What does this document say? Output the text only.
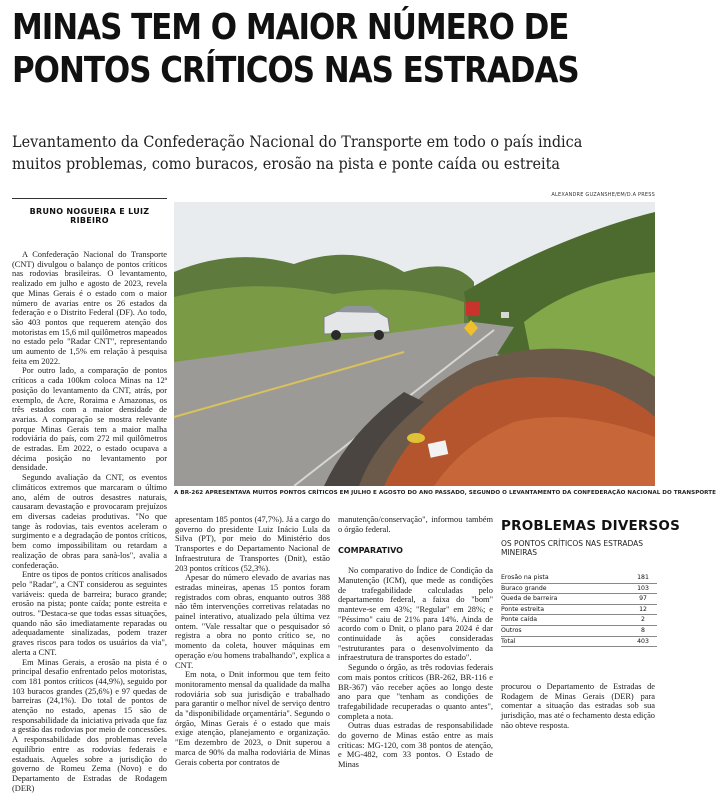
MINAS TEM O MAIOR NÚMERO DE
PONTOS CRÍTICOS NAS ESTRADAS
Levantamento da Confederação Nacional do Transporte em todo o país indica
muitos problemas, como buracos, erosão na pista e ponte caída ou estreita
ALEXANDRE GUZANSHE/EM/D.A PRESS
BRUNO NOGUEIRA E LUIZ RIBEIRO

A Confederação Nacional do Transporte (CNT) divulgou o balanço de pontos críticos nas rodovias brasileiras. O levantamento, realizado em julho e agosto de 2023, revela que Minas Gerais é o estado com o maior número de avarias entre os 26 estados da federação e o Distrito Federal (DF). Ao todo, são 403 pontos que requerem atenção dos motoristas em 15,6 mil quilômetros mapeados no estado pelo "Radar CNT", representando um aumento de 1,5% em relação à pesquisa feita em 2022.

Por outro lado, a comparação de pontos críticos a cada 100km coloca Minas na 12ª posição do levantamento da CNT, atrás, por exemplo, de Acre, Roraima e Amazonas, os três estados com a maior densidade de avarias. A comparação se mostra relevante porque Minas Gerais tem a maior malha rodoviária do país, com 272 mil quilômetros de estradas. Em 2022, o estado ocupava a décima posição no levantamento por densidade.

Segundo avaliação da CNT, os eventos climáticos extremos que marcaram o último ano, além de outros desastres naturais, causaram devastação e provocaram prejuízos em diversas cadeias produtivas. "No que tange às rodovias, tais eventos aceleram o surgimento e a degradação de pontos críticos, bem como impossibilitam ou retardam a realização de obras para sanà-los", avalia a confederação.

Entre os tipos de pontos críticos analisados pelo "Radar", a CNT considerou as seguintes variáveis: queda de barreira; buraco grande; erosão na pista; ponte caída; ponte estreita e outros. "Destaca-se que todas essas situações, quando não são imediatamente reparadas ou adequadamente sinalizadas, podem trazer graves riscos para todos os usuários da via", alerta a CNT.

Em Minas Gerais, a erosão na pista é o principal desafio enfrentado pelos motoristas, com 181 pontos críticos (44,9%), seguido por 103 buracos grandes (25,6%) e 97 quedas de barreiras (24,1%). Do total de pontos de atenção no estado, apenas 15 são de responsabilidade da iniciativa privada que faz a gestão das rodovias por meio de concessões. A responsabilidade dos problemas revela equilíbrio entre as rodovias federais e estaduais. Aqueles sobre a jurisdição do governo de Romeu Zema (Novo) e do Departamento de Estradas de Rodagem (DER)

A BR-262 APRESENTAVA MUITOS PONTOS CRÍTICOS EM JULHO E AGOSTO DO ANO PASSADO, SEGUNDO O LEVANTAMENTO DA CONFEDERAÇÃO NACIONAL DO TRANSPORTE

apresentam 185 pontos (47,7%). Já a cargo do governo do presidente Luiz Inácio Lula da Silva (PT), por meio do Ministério dos Transportes e do Departamento Nacional de Infraestrutura de Transportes (Dnit), estão 203 pontos críticos (52,3%).

Apesar do número elevado de avarias nas estradas mineiras, apenas 15 pontos foram registrados com obras, enquanto outros 388 não têm intervenções corretivas relatadas no painel interativo, atualizado pela última vez ontem. "Vale ressaltar que o pesquisador só registra a obra no ponto crítico se, no momento da coleta, houver máquinas em operação e/ou homens trabalhando", explica a CNT.

Em nota, o Dnit informou que tem feito monitoramento mensal da qualidade da malha rodoviária sob sua jurisdição e trabalhado para garantir o melhor nível de serviço dentro da "disponibilidade orçamentária". Segundo o órgão, Minas Gerais é o estado que mais exige atenção, planejamento e organização. "Em dezembro de 2023, o Dnit superou a marca de 90% da malha rodoviária de Minas Gerais coberta por contratos de

manutenção/conservação", informou também o órgão federal.

COMPARATIVO

No comparativo do Índice de Condição da Manutenção (ICM), que mede as condições de trafegabilidade calculadas pelo departamento federal, a faixa do "bom" manteve-se em 43%; "Regular" em 28%; e "Péssimo" caiu de 21% para 14%. Ainda de acordo com o Dnit, o plano para 2024 é dar continuidade às ações consideradas "estruturantes para o desenvolvimento da infraestrutura de transportes do estado".

Segundo o órgão, as três rodovias federais com mais pontos críticos (BR-262, BR-116 e BR-367) vão receber ações ao longo deste ano para que "tenham as condições de trafegabilidade recuperadas o quanto antes", completa a nota.

Outras duas estradas de responsabilidade do governo de Minas estão entre as mais críticas: MG-120, com 38 pontos de atenção, e MG-482, com 33 pontos. O Estado de Minas

PROBLEMAS DIVERSOS
OS PONTOS CRÍTICOS NAS ESTRADAS MINEIRAS
Erosão na pista	181
Buraco grande	103
Queda de barreira	97
Ponte estreita	12
Ponte caída	2
Outros	8
Total	403

procurou o Departamento de Estradas de Rodagem de Minas Gerais (DER) para comentar a situação das estradas sob sua jurisdição, mas até o fechamento desta edição não obteve resposta.
